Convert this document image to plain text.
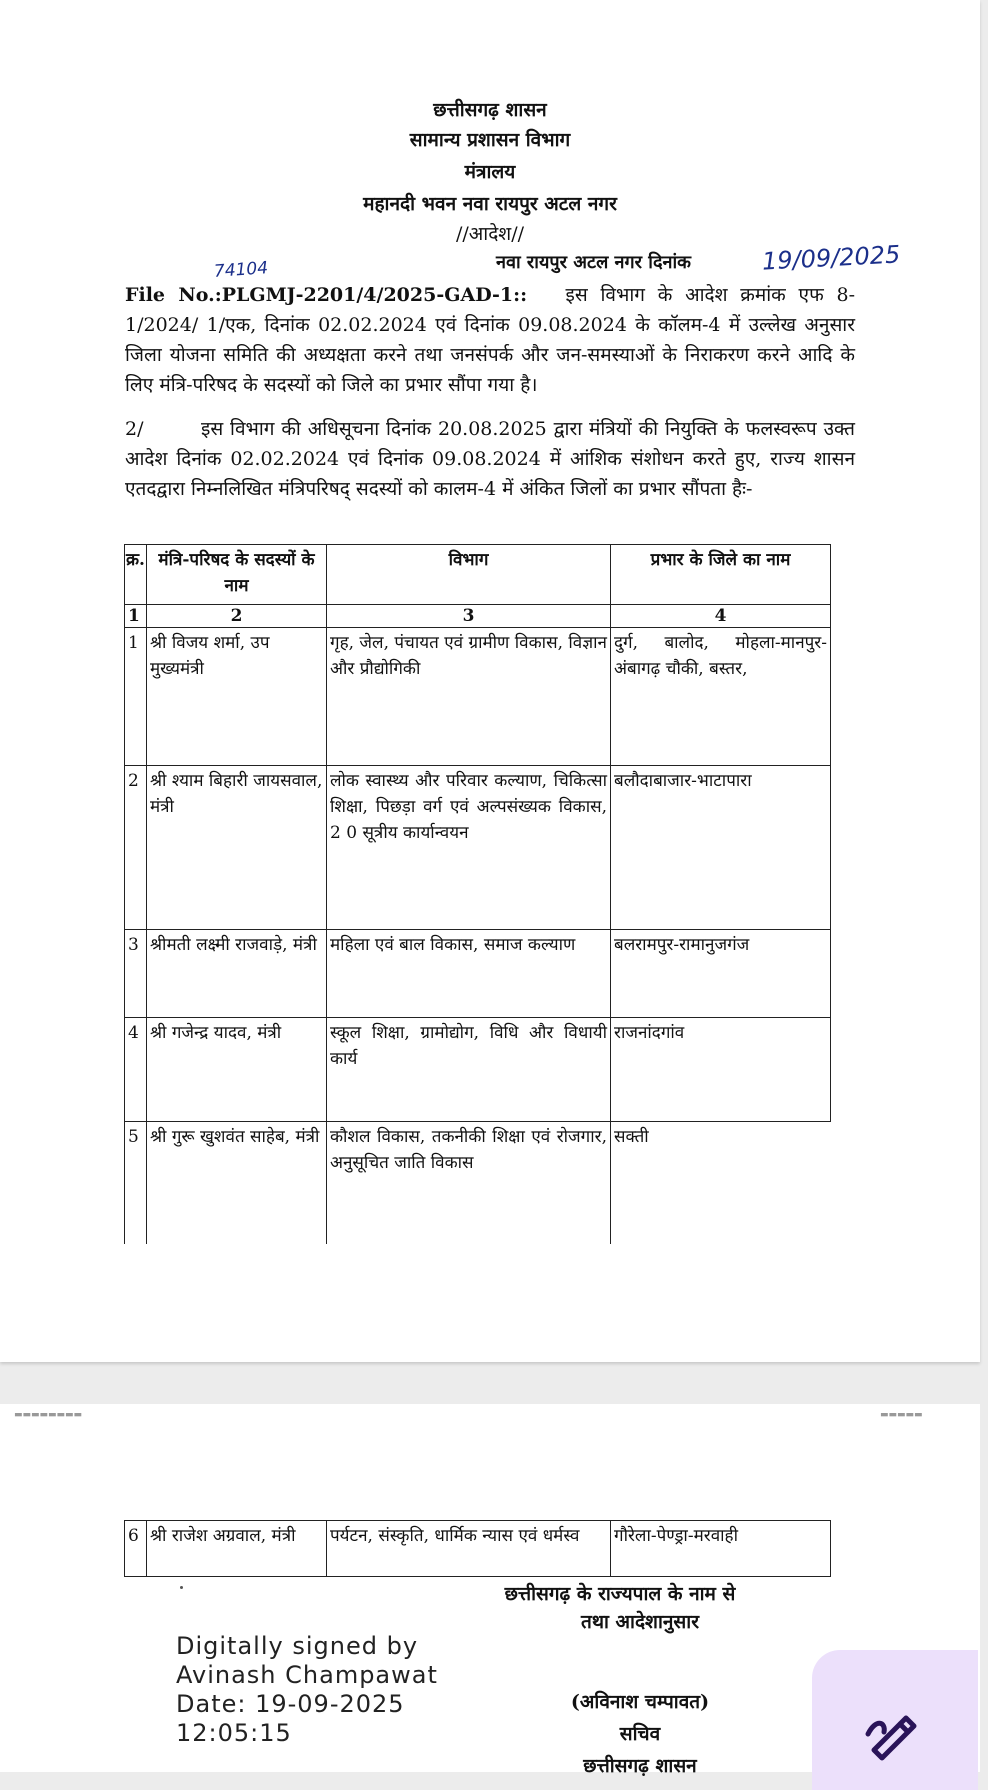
छत्तीसगढ़ शासन
सामान्य प्रशासन विभाग
मंत्रालय
महानदी भवन नवा रायपुर अटल नगर
//आदेश//
नवा रायपुर अटल नगर दिनांक	19/09/2025
74104

File No.:PLGMJ-2201/4/2025-GAD-1:: इस विभाग के आदेश क्रमांक एफ 8-1/2024/ 1/एक, दिनांक 02.02.2024 एवं दिनांक 09.08.2024 के कॉलम-4 में उल्लेख अनुसार जिला योजना समिति की अध्यक्षता करने तथा जनसंपर्क और जन-समस्याओं के निराकरण करने आदि के लिए मंत्रि-परिषद के सदस्यों को जिले का प्रभार सौंपा गया है।

2/	इस विभाग की अधिसूचना दिनांक 20.08.2025 द्वारा मंत्रियों की नियुक्ति के फलस्वरूप उक्त आदेश दिनांक 02.02.2024 एवं दिनांक 09.08.2024 में आंशिक संशोधन करते हुए, राज्य शासन एतदद्वारा निम्नलिखित मंत्रिपरिषद् सदस्यों को कालम-4 में अंकित जिलों का प्रभार सौंपता हैः-

क्र.	मंत्रि-परिषद के सदस्यों के नाम	विभाग	प्रभार के जिले का नाम
1	2	3	4
1	श्री विजय शर्मा, उप मुख्यमंत्री	गृह, जेल, पंचायत एवं ग्रामीण विकास, विज्ञान और प्रौद्योगिकी	दुर्ग, बालोद, मोहला-मानपुर-अंबागढ़ चौकी, बस्तर,
2	श्री श्याम बिहारी जायसवाल, मंत्री	लोक स्वास्थ्य और परिवार कल्याण, चिकित्सा शिक्षा, पिछड़ा वर्ग एवं अल्पसंख्यक विकास, 2 0 सूत्रीय कार्यान्वयन	बलौदाबाजार-भाटापारा
3	श्रीमती लक्ष्मी राजवाडे़, मंत्री	महिला एवं बाल विकास, समाज कल्याण	बलरामपुर-रामानुजगंज
4	श्री गजेन्द्र यादव, मंत्री	स्कूल शिक्षा, ग्रामोद्योग, विधि और विधायी कार्य	राजनांदगांव
5	श्री गुरू खुशवंत साहेब, मंत्री	कौशल विकास, तकनीकी शिक्षा एवं रोजगार, अनुसूचित जाति विकास	सक्ती
▬▬▬▬▬▬▬▬	▬▬▬▬▬
6	श्री राजेश अग्रवाल, मंत्री	पर्यटन, संस्कृति, धार्मिक न्यास एवं धर्मस्व	गौरेला-पेण्ड्रा-मरवाही
छत्तीसगढ़ के राज्यपाल के नाम से
तथा आदेशानुसार
(अविनाश चम्पावत)
सचिव
छत्तीसगढ़ शासन
Digitally signed by
Avinash Champawat
Date: 19-09-2025
12:05:15
